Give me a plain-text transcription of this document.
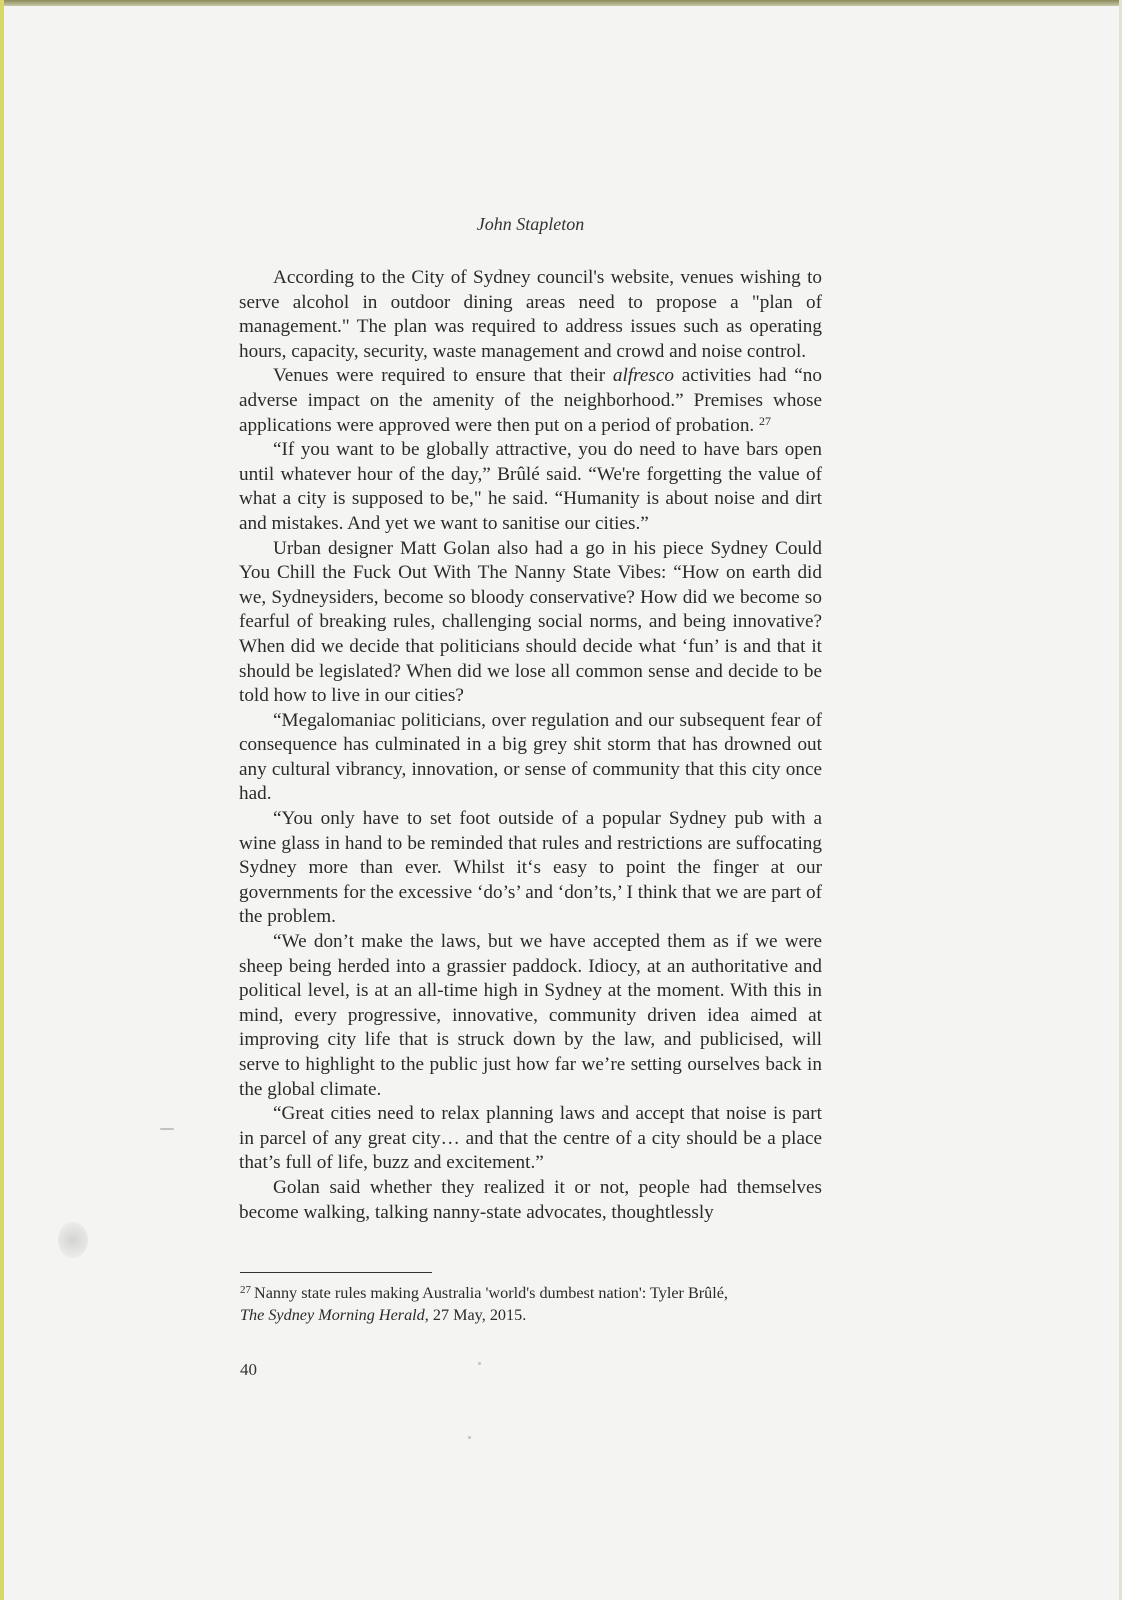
John Stapleton

According to the City of Sydney council's website, venues wishing to serve alcohol in outdoor dining areas need to propose a "plan of management." The plan was required to address issues such as operating hours, capacity, security, waste management and crowd and noise control.

Venues were required to ensure that their alfresco activities had “no adverse impact on the amenity of the neighborhood.” Premises whose applications were approved were then put on a period of probation. $^{27}$

“If you want to be globally attractive, you do need to have bars open until whatever hour of the day,” Brûlé said. “We're forgetting the value of what a city is supposed to be," he said. “Humanity is about noise and dirt and mistakes. And yet we want to sanitise our cities.”

Urban designer Matt Golan also had a go in his piece Sydney Could You Chill the Fuck Out With The Nanny State Vibes: “How on earth did we, Sydneysiders, become so bloody conservative? How did we become so fearful of breaking rules, challenging social norms, and being innovative? When did we decide that politicians should decide what ‘fun’ is and that it should be legislated? When did we lose all common sense and decide to be told how to live in our cities?

“Megalomaniac politicians, over regulation and our subsequent fear of consequence has culminated in a big grey shit storm that has drowned out any cultural vibrancy, innovation, or sense of community that this city once had.

“You only have to set foot outside of a popular Sydney pub with a wine glass in hand to be reminded that rules and restrictions are suffocating Sydney more than ever. Whilst it‘s easy to point the finger at our governments for the excessive ‘do’s’ and ‘don’ts,’ I think that we are part of the problem.

“We don’t make the laws, but we have accepted them as if we were sheep being herded into a grassier paddock. Idiocy, at an authoritative and political level, is at an all-time high in Sydney at the moment. With this in mind, every progressive, innovative, community driven idea aimed at improving city life that is struck down by the law, and publicised, will serve to highlight to the public just how far we’re setting ourselves back in the global climate.

“Great cities need to relax planning laws and accept that noise is part in parcel of any great city… and that the centre of a city should be a place that’s full of life, buzz and excitement.”

Golan said whether they realized it or not, people had themselves become walking, talking nanny-state advocates, thoughtlessly

$^{27}$ Nanny state rules making Australia 'world's dumbest nation': Tyler Brûlé,
The Sydney Morning Herald, 27 May, 2015.
40
